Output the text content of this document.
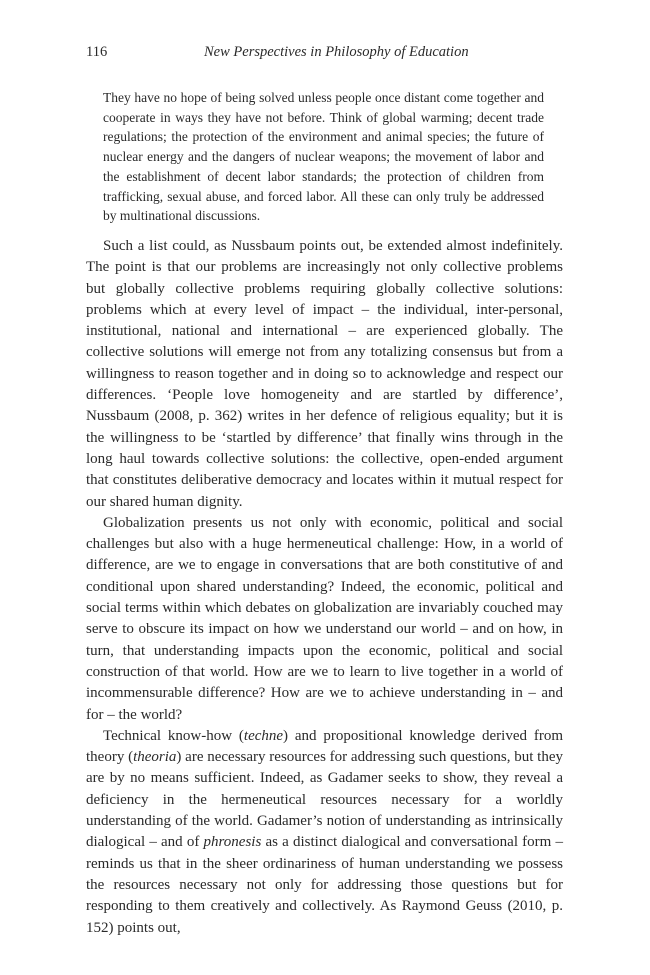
116	New Perspectives in Philosophy of Education

They have no hope of being solved unless people once distant come together and cooperate in ways they have not before. Think of global warming; decent trade regulations; the protection of the environment and animal species; the future of nuclear energy and the dangers of nuclear weapons; the movement of labor and the establishment of decent labor standards; the protection of children from trafficking, sexual abuse, and forced labor. All these can only truly be addressed by multinational discussions.

Such a list could, as Nussbaum points out, be extended almost indefinitely. The point is that our problems are increasingly not only collective problems but globally collective problems requiring globally collective solutions: problems which at every level of impact – the individual, inter-personal, institutional, national and international – are experienced globally. The collective solutions will emerge not from any totalizing consensus but from a willingness to reason together and in doing so to acknowledge and respect our differences. ‘People love homogeneity and are startled by difference’, Nussbaum (2008, p. 362) writes in her defence of religious equality; but it is the willingness to be ‘startled by difference’ that finally wins through in the long haul towards collective solutions: the collective, open-ended argument that constitutes deliberative democracy and locates within it mutual respect for our shared human dignity.

Globalization presents us not only with economic, political and social challenges but also with a huge hermeneutical challenge: How, in a world of difference, are we to engage in conversations that are both constitutive of and conditional upon shared understanding? Indeed, the economic, political and social terms within which debates on globalization are invariably couched may serve to obscure its impact on how we understand our world – and on how, in turn, that understanding impacts upon the economic, political and social construction of that world. How are we to learn to live together in a world of incommensurable difference? How are we to achieve understanding in – and for – the world?

Technical know-how (techne) and propositional knowledge derived from theory (theoria) are necessary resources for addressing such questions, but they are by no means sufficient. Indeed, as Gadamer seeks to show, they reveal a deficiency in the hermeneutical resources necessary for a worldly understanding of the world. Gadamer’s notion of understanding as intrinsically dialogical – and of phronesis as a distinct dialogical and conversational form – reminds us that in the sheer ordinariness of human understanding we possess the resources necessary not only for addressing those questions but for responding to them creatively and collectively. As Raymond Geuss (2010, p. 152) points out,
